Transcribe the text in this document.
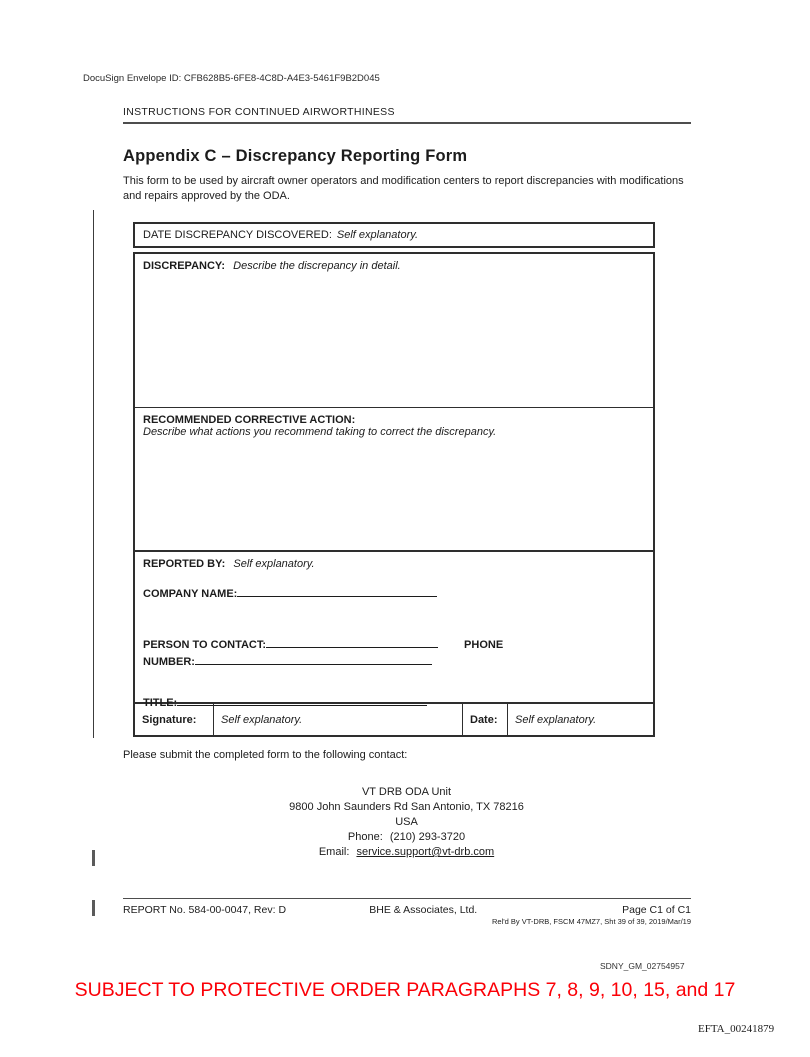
DocuSign Envelope ID: CFB628B5-6FE8-4C8D-A4E3-5461F9B2D045
INSTRUCTIONS FOR CONTINUED AIRWORTHINESS
Appendix C – Discrepancy Reporting Form
This form to be used by aircraft owner operators and modification centers to report discrepancies with modifications and repairs approved by the ODA.
DATE DISCREPANCY DISCOVERED: Self explanatory.
DISCREPANCY: Describe the discrepancy in detail.
RECOMMENDED CORRECTIVE ACTION:
Describe what actions you recommend taking to correct the discrepancy.
REPORTED BY: Self explanatory.
COMPANY NAME:
PERSON TO CONTACT:	PHONE
NUMBER:
TITLE:
Signature: Self explanatory.	Date: Self explanatory.
Please submit the completed form to the following contact:
VT DRB ODA Unit
9800 John Saunders Rd San Antonio, TX 78216
USA
Phone: (210) 293-3720
Email: service.support@vt-drb.com
REPORT No. 584-00-0047, Rev: D	BHE & Associates, Ltd.	Page C1 of C1
Rel'd By VT-DRB, FSCM 47MZ7, Sht 39 of 39, 2019/Mar/19
SDNY_GM_02754957
SUBJECT TO PROTECTIVE ORDER PARAGRAPHS 7, 8, 9, 10, 15, and 17
EFTA_00241879
